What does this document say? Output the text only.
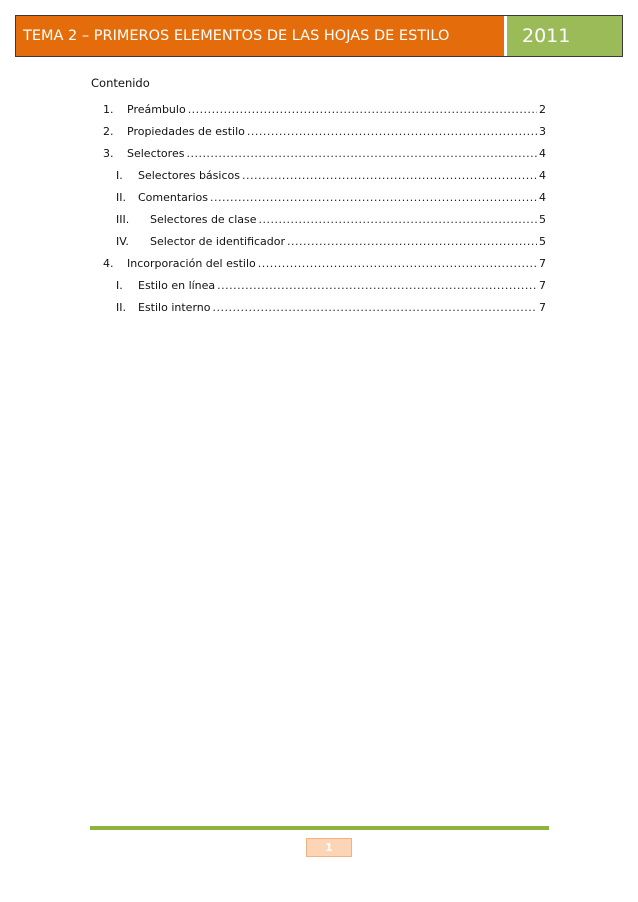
TEMA 2 – PRIMEROS ELEMENTOS DE LAS HOJAS DE ESTILO	2011
Contenido
1.	Preámbulo .....	2
2.	Propiedades de estilo .....	3
3.	Selectores .....	4
I.	Selectores básicos .....	4
II.	Comentarios .....	4
III.	Selectores de clase .....	5
IV.	Selector de identificador .....	5
4.	Incorporación del estilo .....	7
I.	Estilo en línea .....	7
II.	Estilo interno .....	7
1
